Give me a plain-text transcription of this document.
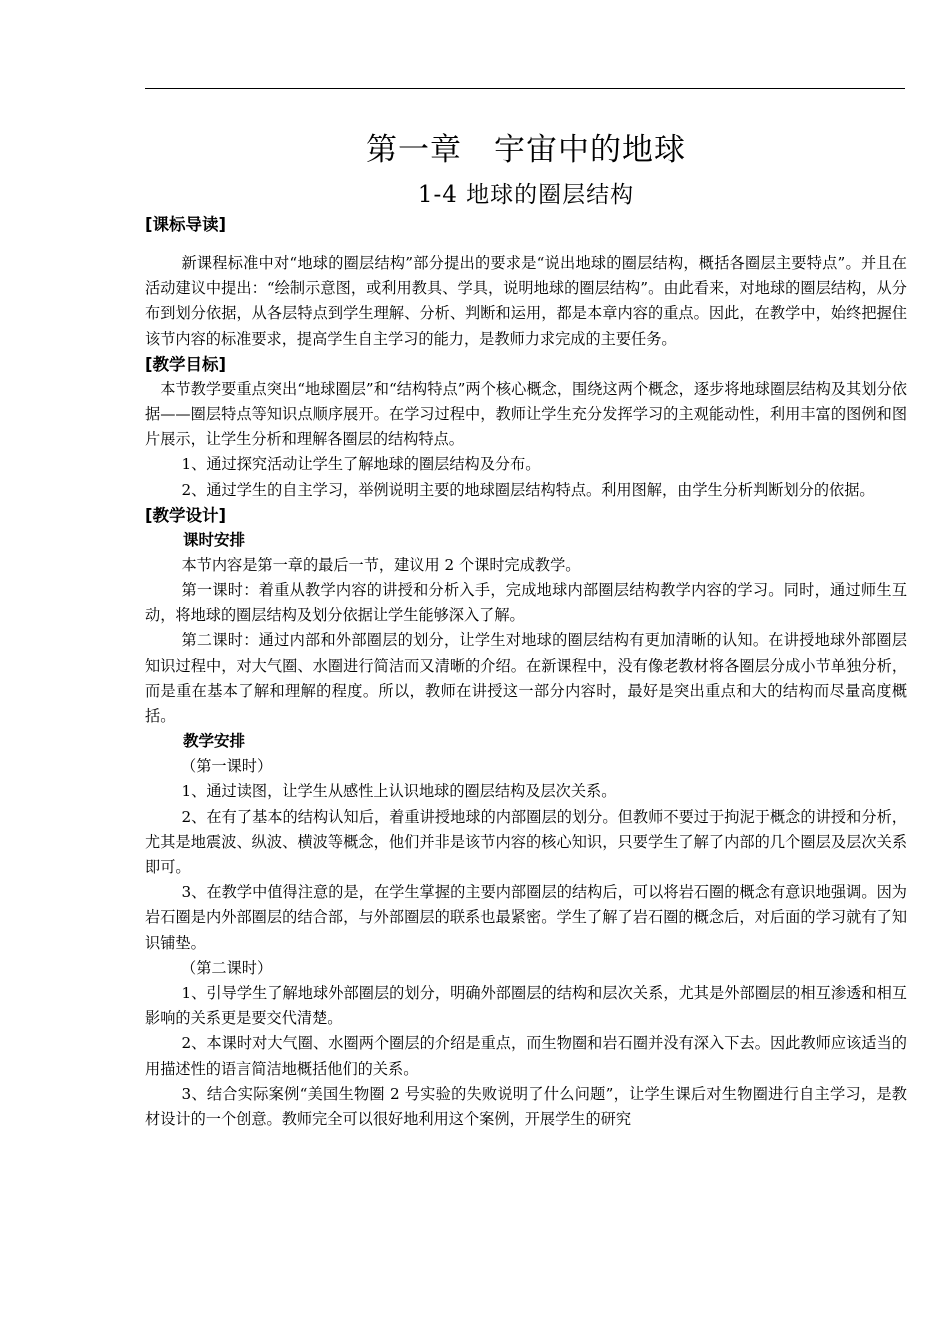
第一章　宇宙中的地球
1-4 地球的圈层结构
[课标导读]

新课程标准中对“地球的圈层结构”部分提出的要求是“说出地球的圈层结构，概括各圈层主要特点”。并且在活动建议中提出：“绘制示意图，或利用教具、学具，说明地球的圈层结构”。由此看来，对地球的圈层结构，从分布到划分依据，从各层特点到学生理解、分析、判断和运用，都是本章内容的重点。因此，在教学中，始终把握住该节内容的标准要求，提高学生自主学习的能力，是教师力求完成的主要任务。

[教学目标]

本节教学要重点突出“地球圈层”和“结构特点”两个核心概念，围绕这两个概念，逐步将地球圈层结构及其划分依据——圈层特点等知识点顺序展开。在学习过程中，教师让学生充分发挥学习的主观能动性，利用丰富的图例和图片展示，让学生分析和理解各圈层的结构特点。

1、通过探究活动让学生了解地球的圈层结构及分布。

2、通过学生的自主学习，举例说明主要的地球圈层结构特点。利用图解，由学生分析判断划分的依据。

[教学设计]
课时安排

本节内容是第一章的最后一节，建议用 2 个课时完成教学。

第一课时：着重从教学内容的讲授和分析入手，完成地球内部圈层结构教学内容的学习。同时，通过师生互动，将地球的圈层结构及划分依据让学生能够深入了解。

第二课时：通过内部和外部圈层的划分，让学生对地球的圈层结构有更加清晰的认知。在讲授地球外部圈层知识过程中，对大气圈、水圈进行简洁而又清晰的介绍。在新课程中，没有像老教材将各圈层分成小节单独分析，而是重在基本了解和理解的程度。所以，教师在讲授这一部分内容时，最好是突出重点和大的结构而尽量高度概括。

教学安排

（第一课时）

1、通过读图，让学生从感性上认识地球的圈层结构及层次关系。

2、在有了基本的结构认知后，着重讲授地球的内部圈层的划分。但教师不要过于拘泥于概念的讲授和分析，尤其是地震波、纵波、横波等概念，他们并非是该节内容的核心知识，只要学生了解了内部的几个圈层及层次关系即可。

3、在教学中值得注意的是，在学生掌握的主要内部圈层的结构后，可以将岩石圈的概念有意识地强调。因为岩石圈是内外部圈层的结合部，与外部圈层的联系也最紧密。学生了解了岩石圈的概念后，对后面的学习就有了知识铺垫。

（第二课时）

1、引导学生了解地球外部圈层的划分，明确外部圈层的结构和层次关系，尤其是外部圈层的相互渗透和相互影响的关系更是要交代清楚。

2、本课时对大气圈、水圈两个圈层的介绍是重点，而生物圈和岩石圈并没有深入下去。因此教师应该适当的用描述性的语言简洁地概括他们的关系。

3、结合实际案例“美国生物圈 2 号实验的失败说明了什么问题”，让学生课后对生物圈进行自主学习，是教材设计的一个创意。教师完全可以很好地利用这个案例，开展学生的研究
